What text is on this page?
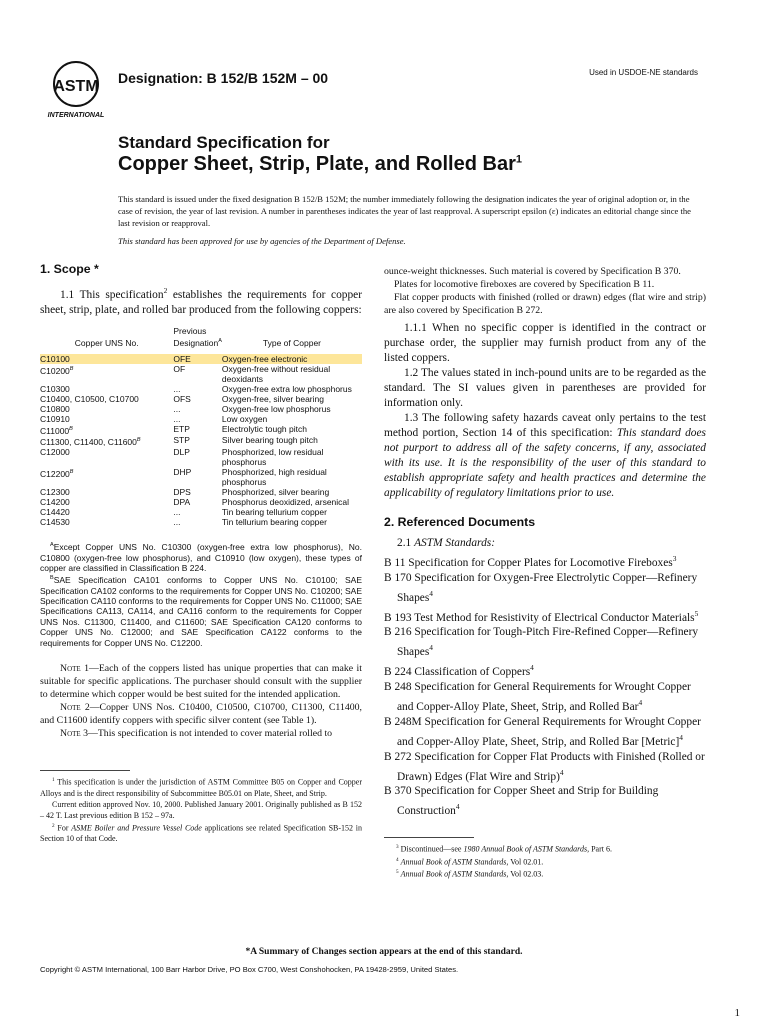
ASTM
INTERNATIONAL
Designation: B 152/B 152M – 00	Used in USDOE-NE standards
Standard Specification for
Copper Sheet, Strip, Plate, and Rolled Bar$^1$
This standard is issued under the fixed designation B 152/B 152M; the number immediately following the designation indicates the year of original adoption or, in the case of revision, the year of last revision. A number in parentheses indicates the year of last reapproval. A superscript epsilon (ε) indicates an editorial change since the last revision or reapproval.
This standard has been approved for use by agencies of the Department of Defense.
1. Scope *

1.1 This specification$^2$ establishes the requirements for copper sheet, strip, plate, and rolled bar produced from the following coppers:

Copper UNS No.	Previous Designation$^A$	Type of Copper
C10100	OFE	Oxygen-free electronic
$C10200^B$	OF	Oxygen-free without residual deoxidants
C10300	...	Oxygen-free extra low phosphorus
C10400, C10500, C10700	OFS	Oxygen-free, silver bearing
C10800	...	Oxygen-free low phosphorus
C10910	...	Low oxygen
$C11000^B$	ETP	Electrolytic tough pitch
C11300, C11400, $C11600^B$	STP	Silver bearing tough pitch
C12000	DLP	Phosphorized, low residual phosphorus
$C12200^B$	DHP	Phosphorized, high residual phosphorus
C12300	DPS	Phosphorized, silver bearing
C14200	DPA	Phosphorus deoxidized, arsenical
C14420	...	Tin bearing tellurium copper
C14530	...	Tin tellurium bearing copper

$^A$Except Copper UNS No. C10300 (oxygen-free extra low phosphorus), No. C10800 (oxygen-free low phosphorus), and C10910 (low oxygen), these types of copper are classified in Classification B 224.

$^B$SAE Specification CA101 conforms to Copper UNS No. C10100; SAE Specification CA102 conforms to the requirements for Copper UNS No. C10200; SAE Specification CA110 conforms to the requirements for Copper UNS No. C11000; SAE Specifications CA113, CA114, and CA116 conform to the requirements for Copper UNS Nos. C11300, C11400, and C11600; SAE Specification CA120 conforms to Copper UNS No. C12000; and SAE Specification CA122 conforms to the requirements for Copper UNS No. C12200.

Note 1—Each of the coppers listed has unique properties that can make it suitable for specific applications. The purchaser should consult with the supplier to determine which copper would be best suited for the intended application.

Note 2—Copper UNS Nos. C10400, C10500, C10700, C11300, C11400, and C11600 identify coppers with specific silver content (see Table 1).

Note 3—This specification is not intended to cover material rolled to

$^1$ This specification is under the jurisdiction of ASTM Committee B05 on Copper and Copper Alloys and is the direct responsibility of Subcommittee B05.01 on Plate, Sheet, and Strip.

Current edition approved Nov. 10, 2000. Published January 2001. Originally published as B 152 – 42 T. Last previous edition B 152 – 97a.

$^2$ For ASME Boiler and Pressure Vessel Code applications see related Specification SB-152 in Section 10 of that Code.

ounce-weight thicknesses. Such material is covered by Specification B 370.

Plates for locomotive fireboxes are covered by Specification B 11.

Flat copper products with finished (rolled or drawn) edges (flat wire and strip) are also covered by Specification B 272.

1.1.1 When no specific copper is identified in the contract or purchase order, the supplier may furnish product from any of the listed coppers.

1.2 The values stated in inch-pound units are to be regarded as the standard. The SI values given in parentheses are provided for information only.

1.3 The following safety hazards caveat only pertains to the test method portion, Section 14 of this specification: This standard does not purport to address all of the safety concerns, if any, associated with its use. It is the responsibility of the user of this standard to establish appropriate safety and health practices and determine the applicability of regulatory limitations prior to use.

2. Referenced Documents

2.1 ASTM Standards:

B 11 Specification for Copper Plates for Locomotive Fireboxes$^3$

B 170 Specification for Oxygen-Free Electrolytic Copper—Refinery Shapes$^4$

B 193 Test Method for Resistivity of Electrical Conductor Materials$^5$

B 216 Specification for Tough-Pitch Fire-Refined Copper—Refinery Shapes$^4$

B 224 Classification of Coppers$^4$

B 248 Specification for General Requirements for Wrought Copper and Copper-Alloy Plate, Sheet, Strip, and Rolled Bar$^4$

B 248M Specification for General Requirements for Wrought Copper and Copper-Alloy Plate, Sheet, Strip, and Rolled Bar [Metric]$^4$

B 272 Specification for Copper Flat Products with Finished (Rolled or Drawn) Edges (Flat Wire and Strip)$^4$

B 370 Specification for Copper Sheet and Strip for Building Construction$^4$

$^3$ Discontinued—see 1980 Annual Book of ASTM Standards, Part 6.

$^4$ Annual Book of ASTM Standards, Vol 02.01.

$^5$ Annual Book of ASTM Standards, Vol 02.03.

*A Summary of Changes section appears at the end of this standard.
Copyright © ASTM International, 100 Barr Harbor Drive, PO Box C700, West Conshohocken, PA 19428-2959, United States.
1
